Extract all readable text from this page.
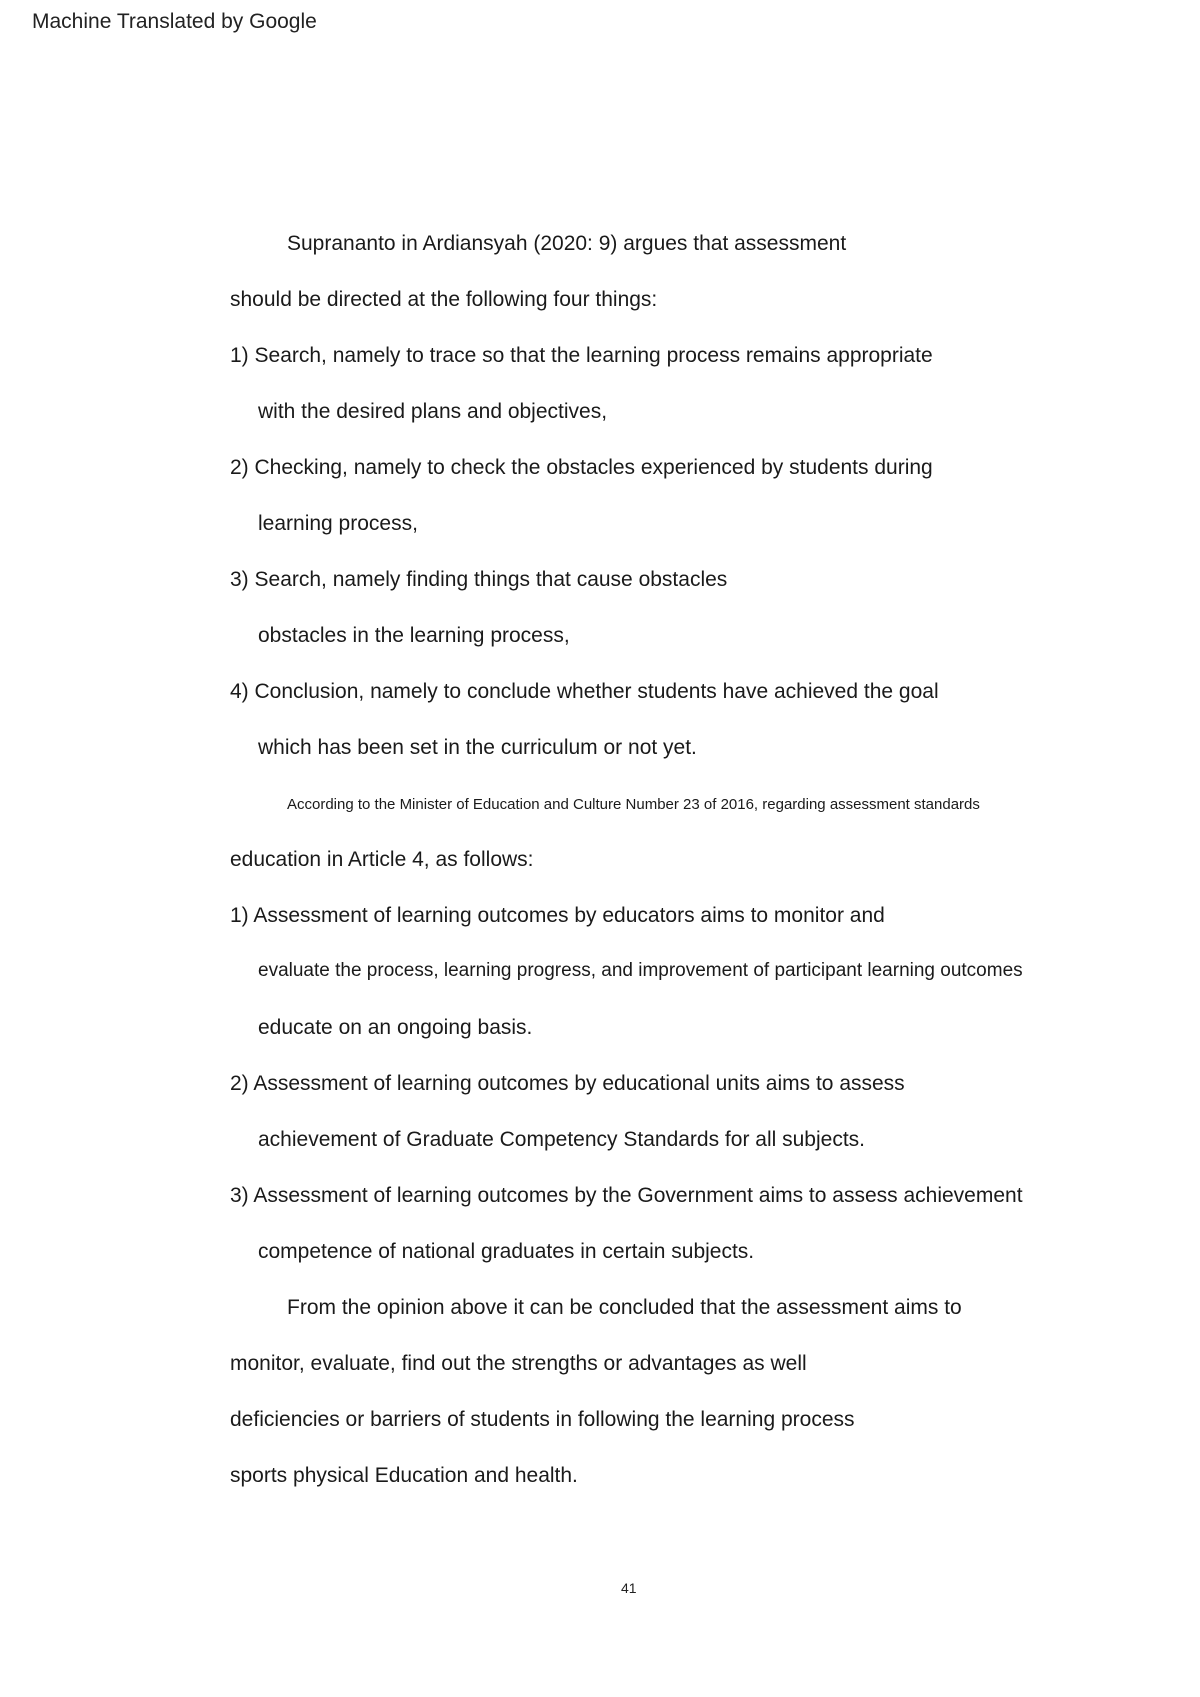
Machine Translated by Google
Suprananto in Ardiansyah (2020: 9) argues that assessment
should be directed at the following four things:
1) Search, namely to trace so that the learning process remains appropriate
with the desired plans and objectives,
2) Checking, namely to check the obstacles experienced by students during
learning process,
3) Search, namely finding things that cause obstacles
obstacles in the learning process,
4) Conclusion, namely to conclude whether students have achieved the goal
which has been set in the curriculum or not yet.
According to the Minister of Education and Culture Number 23 of 2016, regarding assessment standards
education in Article 4, as follows:
1) Assessment of learning outcomes by educators aims to monitor and
evaluate the process, learning progress, and improvement of participant learning outcomes
educate on an ongoing basis.
2) Assessment of learning outcomes by educational units aims to assess
achievement of Graduate Competency Standards for all subjects.
3) Assessment of learning outcomes by the Government aims to assess achievement
competence of national graduates in certain subjects.
From the opinion above it can be concluded that the assessment aims to
monitor, evaluate, find out the strengths or advantages as well
deficiencies or barriers of students in following the learning process
sports physical Education and health.
41
